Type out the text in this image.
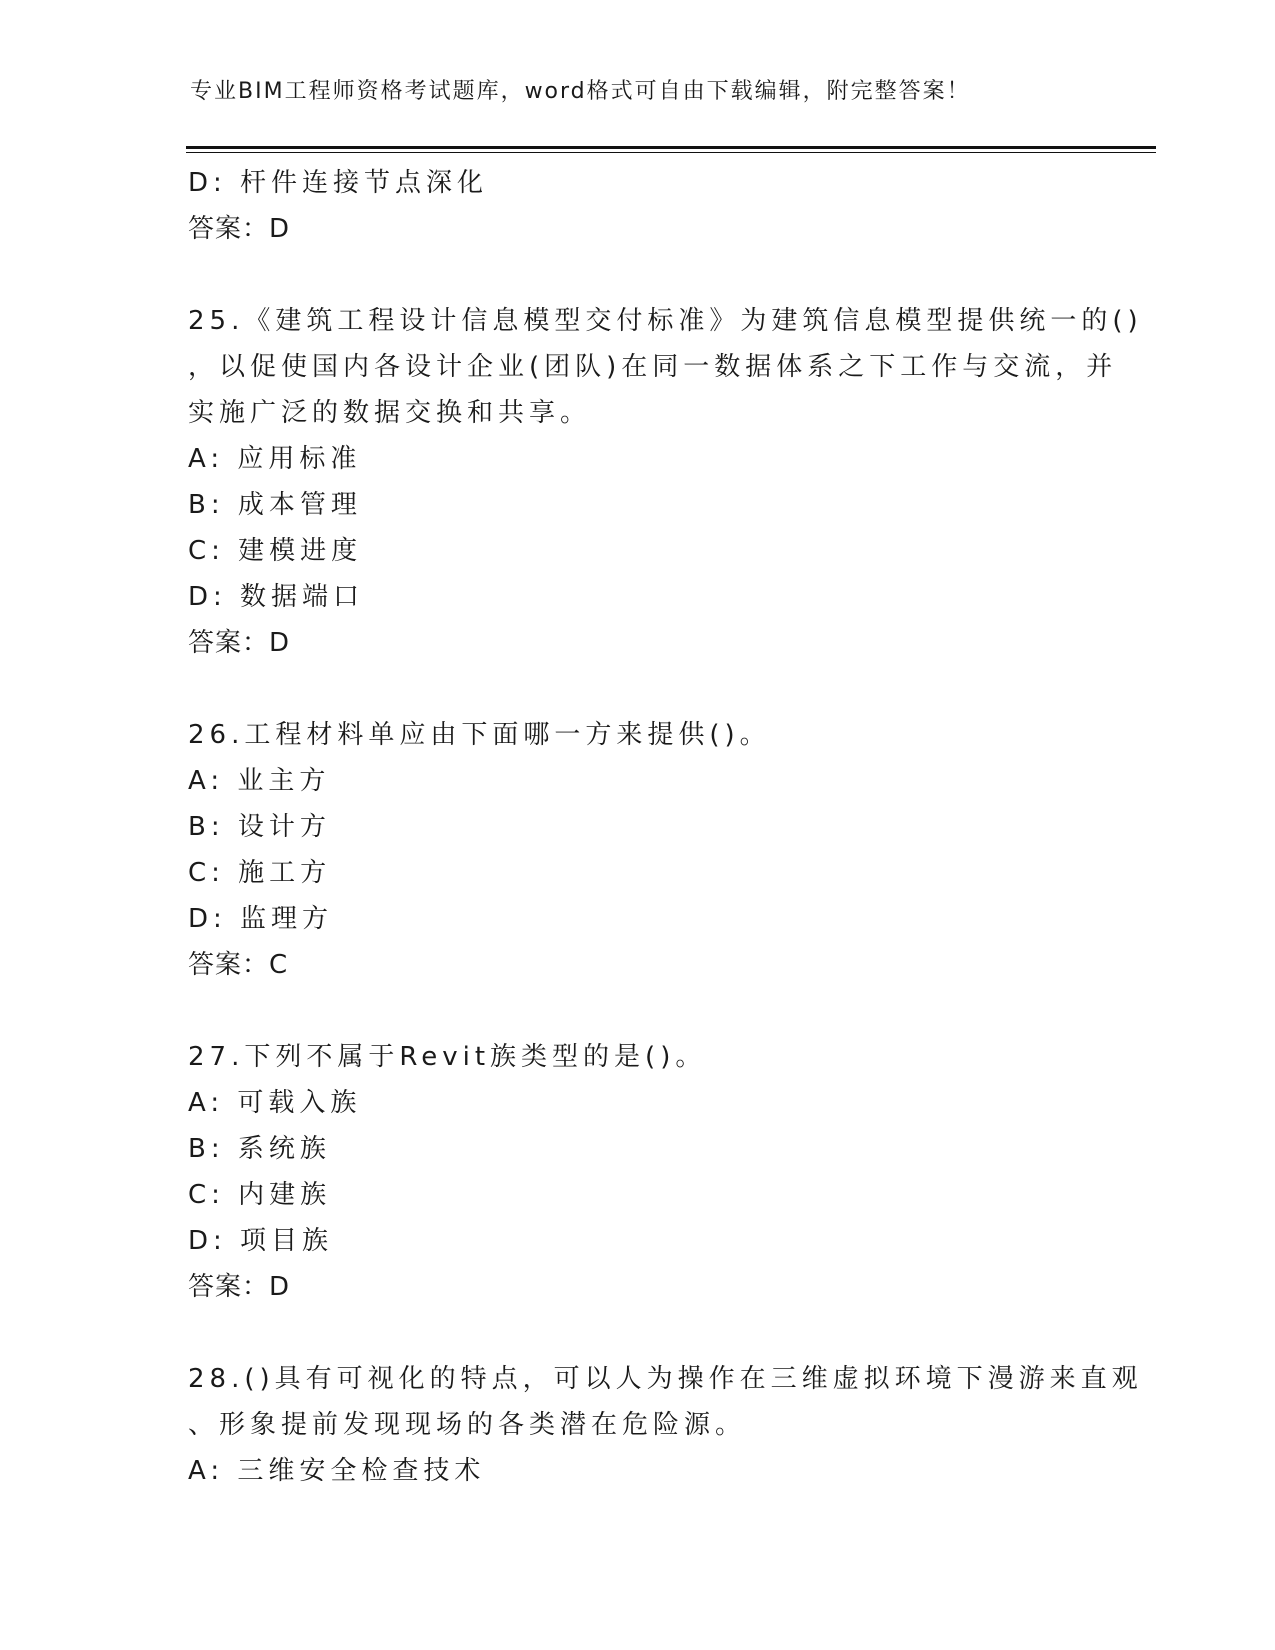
专业BIM工程师资格考试题库，word格式可自由下载编辑，附完整答案！
D: 杆件连接节点深化
答案：D
25.《建筑工程设计信息模型交付标准》为建筑信息模型提供统一的()
，以促使国内各设计企业(团队)在同一数据体系之下工作与交流，并
实施广泛的数据交换和共享。
A: 应用标准
B: 成本管理
C: 建模进度
D: 数据端口
答案：D
26.工程材料单应由下面哪一方来提供()。
A: 业主方
B: 设计方
C: 施工方
D: 监理方
答案：C
27.下列不属于Revit族类型的是()。
A: 可载入族
B: 系统族
C: 内建族
D: 项目族
答案：D
28.()具有可视化的特点，可以人为操作在三维虚拟环境下漫游来直观
、形象提前发现现场的各类潜在危险源。
A: 三维安全检查技术
